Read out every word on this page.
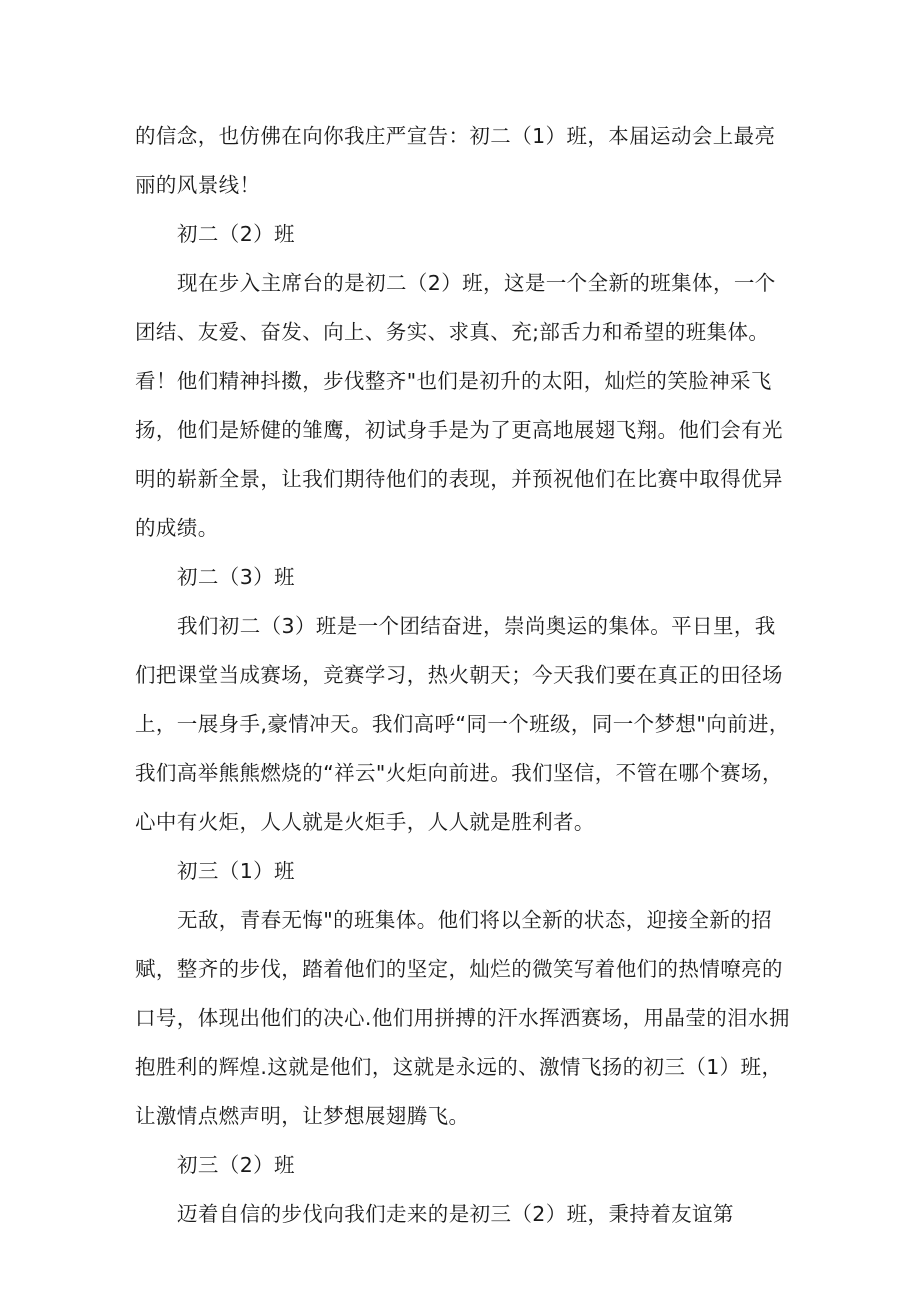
的信念，也仿佛在向你我庄严宣告：初二（1）班，本届运动会上最亮丽的风景线！

初二（2）班

现在步入主席台的是初二（2）班，这是一个全新的班集体，一个团结、友爱、奋发、向上、务实、求真、充;部舌力和希望的班集体。看！他们精神抖擞，步伐整齐"也们是初升的太阳，灿烂的笑脸神采飞扬，他们是矫健的雏鹰，初试身手是为了更高地展翅飞翔。他们会有光明的崭新全景，让我们期待他们的表现，并预祝他们在比赛中取得优异的成绩。

初二（3）班

我们初二（3）班是一个团结奋进，崇尚奥运的集体。平日里，我们把课堂当成赛场，竞赛学习，热火朝天；今天我们要在真正的田径场上，一展身手,豪情冲天。我们高呼“同一个班级，同一个梦想"向前进，我们高举熊熊燃烧的“祥云"火炬向前进。我们坚信，不管在哪个赛场，心中有火炬，人人就是火炬手，人人就是胜利者。

初三（1）班

无敌，青春无悔"的班集体。他们将以全新的状态，迎接全新的招赋，整齐的步伐，踏着他们的坚定，灿烂的微笑写着他们的热情嘹亮的口号，体现出他们的决心.他们用拼搏的汗水挥洒赛场，用晶莹的泪水拥抱胜利的辉煌.这就是他们，这就是永远的、激情飞扬的初三（1）班，让激情点燃声明，让梦想展翅腾飞。

初三（2）班

迈着自信的步伐向我们走来的是初三（2）班，秉持着友谊第
